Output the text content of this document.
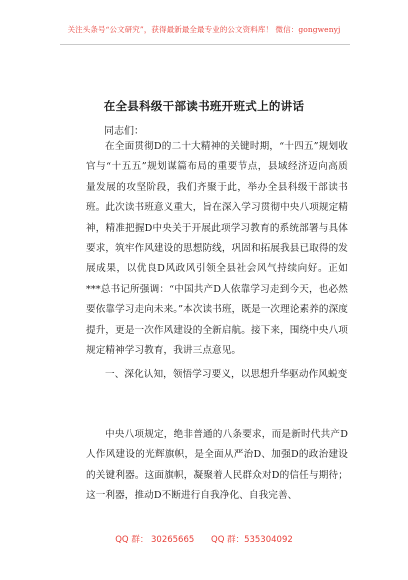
关注头条号“公文研究”，获得最新最全最专业的公文资料库！ 微信：gongwenyj
在全县科级干部读书班开班式上的讲话
同志们：

在全面贯彻D的二十大精神的关键时期，“十四五”规划收官与“十五五”规划谋篇布局的重要节点，县域经济迈向高质量发展的攻坚阶段，我们齐聚于此，举办全县科级干部读书班。此次读书班意义重大，旨在深入学习贯彻中央八项规定精神，精准把握D中央关于开展此项学习教育的系统部署与具体要求，筑牢作风建设的思想防线，巩固和拓展我县已取得的发展成果，以优良D风政风引领全县社会风气持续向好。正如***总书记所强调：“中国共产D人依靠学习走到今天，也必然要依靠学习走向未来。”本次读书班，既是一次理论素养的深度提升，更是一次作风建设的全新启航。接下来，围绕中央八项规定精神学习教育，我讲三点意见。

一、深化认知，领悟学习要义，以思想升华驱动作风蜕变

中央八项规定，绝非普通的八条要求，而是新时代共产D人作风建设的光辉旗帜，是全面从严治D、加强D的政治建设的关键利器。这面旗帜，凝聚着人民群众对D的信任与期待；这一利器，推动D不断进行自我净化、自我完善、

QQ 群： 30265665 QQ 群：535304092
